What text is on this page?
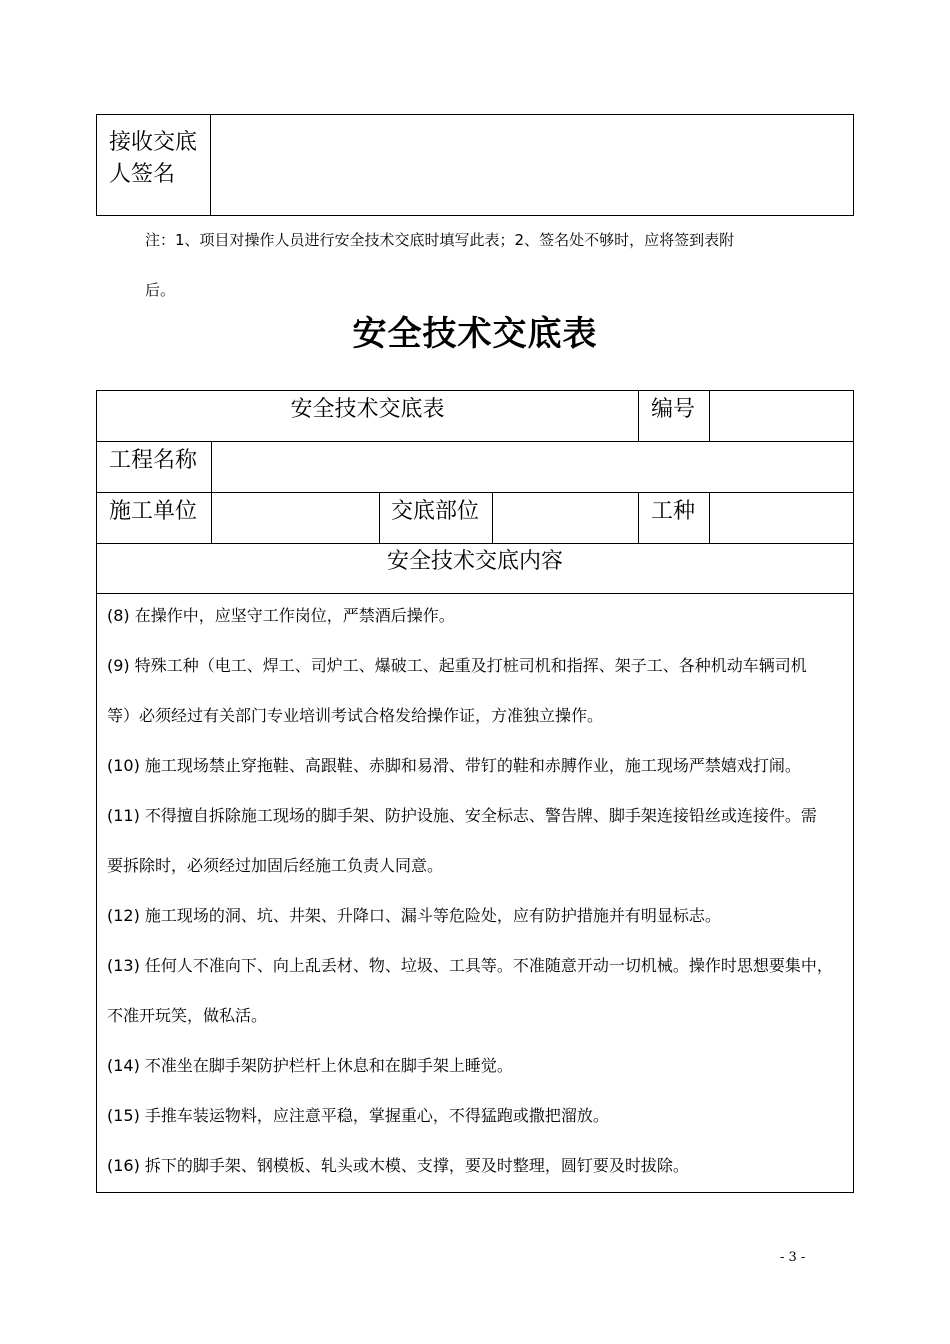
接收交底人签名
注：1、项目对操作人员进行安全技术交底时填写此表；2、签名处不够时，应将签到表附
后。
安全技术交底表
安全技术交底表	编号
工程名称
施工单位	交底部位	工种
安全技术交底内容
(8) 在操作中，应坚守工作岗位，严禁酒后操作。
(9) 特殊工种（电工、焊工、司炉工、爆破工、起重及打桩司机和指挥、架子工、各种机动车辆司机
等）必须经过有关部门专业培训考试合格发给操作证，方准独立操作。
(10) 施工现场禁止穿拖鞋、高跟鞋、赤脚和易滑、带钉的鞋和赤膊作业，施工现场严禁嬉戏打闹。
(11) 不得擅自拆除施工现场的脚手架、防护设施、安全标志、警告牌、脚手架连接铅丝或连接件。需
要拆除时，必须经过加固后经施工负责人同意。
(12) 施工现场的洞、坑、井架、升降口、漏斗等危险处，应有防护措施并有明显标志。
(13) 任何人不准向下、向上乱丢材、物、垃圾、工具等。不准随意开动一切机械。操作时思想要集中，
不准开玩笑，做私活。
(14) 不准坐在脚手架防护栏杆上休息和在脚手架上睡觉。
(15) 手推车装运物料，应注意平稳，掌握重心，不得猛跑或撒把溜放。
(16) 拆下的脚手架、钢模板、轧头或木模、支撑，要及时整理，圆钉要及时拔除。
- 3 -
